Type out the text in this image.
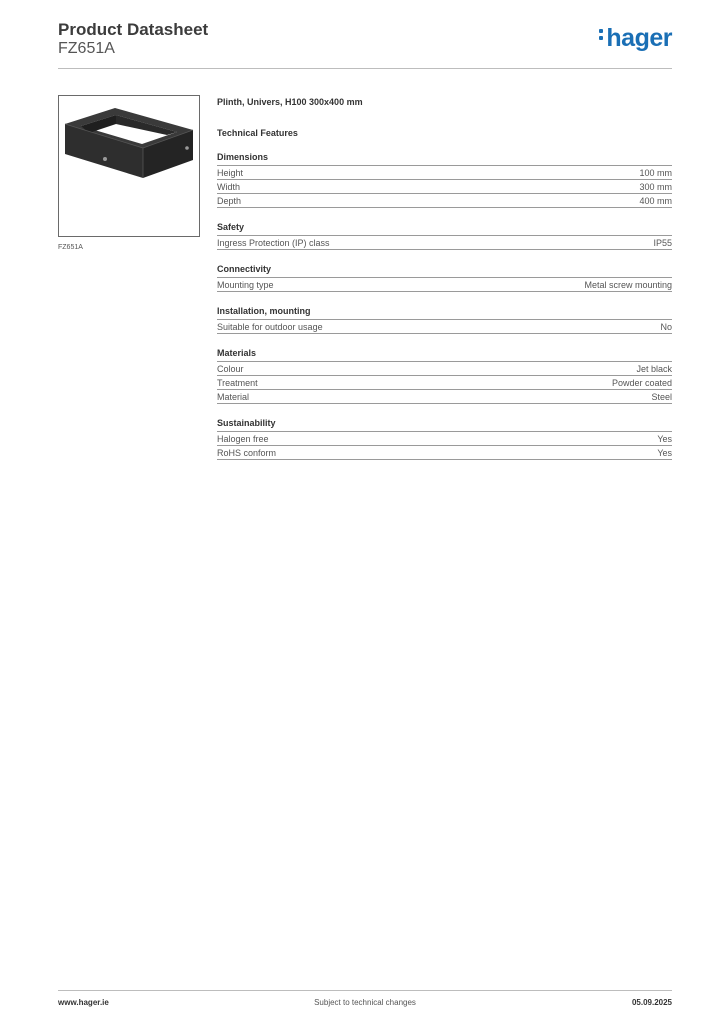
Product Datasheet
FZ651A	hager
FZ651A
Plinth, Univers, H100 300x400 mm
Technical Features
Dimensions
Height	100 mm
Width	300 mm
Depth	400 mm
Safety
Ingress Protection (IP) class	IP55
Connectivity
Mounting type	Metal screw mounting
Installation, mounting
Suitable for outdoor usage	No
Materials
Colour	Jet black
Treatment	Powder coated
Material	Steel
Sustainability
Halogen free	Yes
RoHS conform	Yes
www.hager.ie	Subject to technical changes	05.09.2025
